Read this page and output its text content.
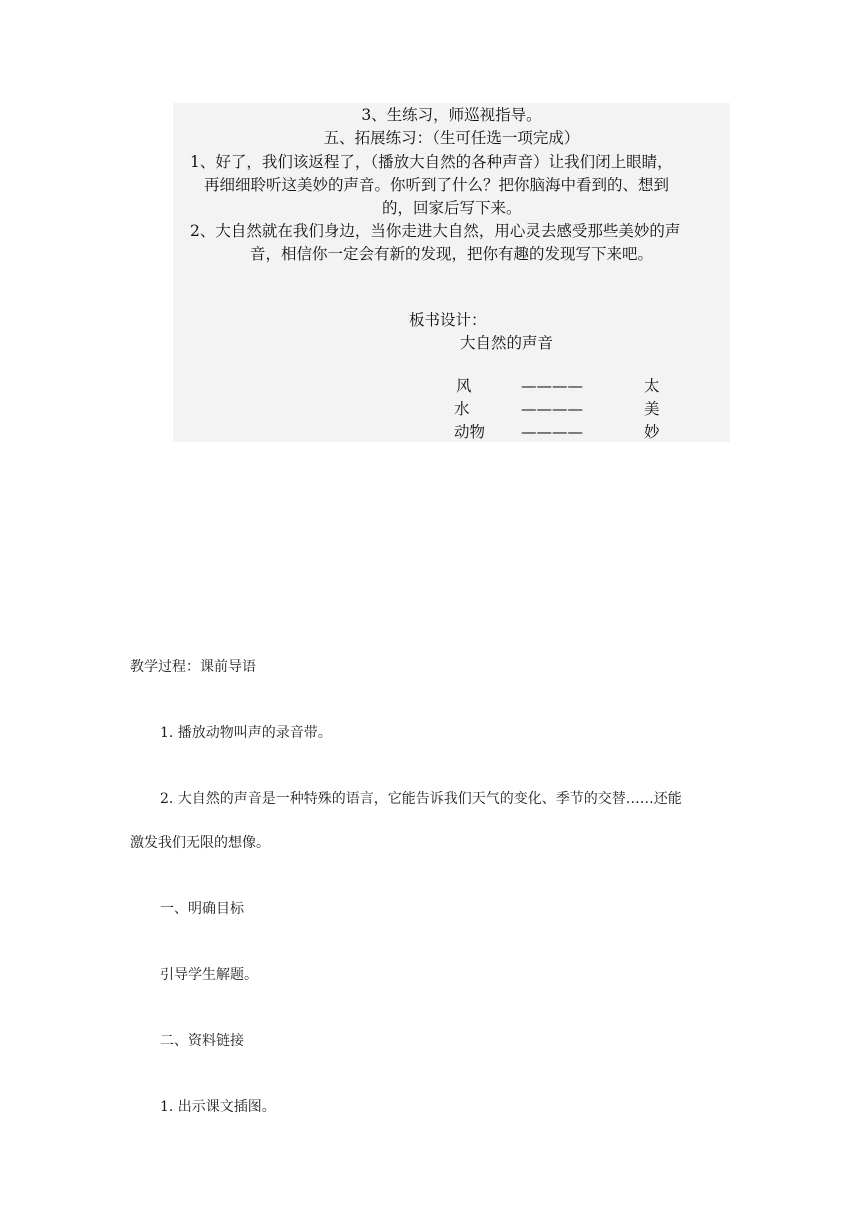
3、生练习，师巡视指导。
五、拓展练习：（生可任选一项完成）
1、好了，我们该返程了，（播放大自然的各种声音）让我们闭上眼睛，
再细细聆听这美妙的声音。你听到了什么？把你脑海中看到的、想到
的，回家后写下来。
2、大自然就在我们身边，当你走进大自然，用心灵去感受那些美妙的声
音，相信你一定会有新的发现，把你有趣的发现写下来吧。
板书设计：
大自然的声音
风	————	太
水	————	美
动物 ————	妙
教学过程：课前导语
1. 播放动物叫声的录音带。
2. 大自然的声音是一种特殊的语言，它能告诉我们天气的变化、季节的交替……还能
激发我们无限的想像。
一、明确目标
引导学生解题。
二、资料链接
1. 出示课文插图。
